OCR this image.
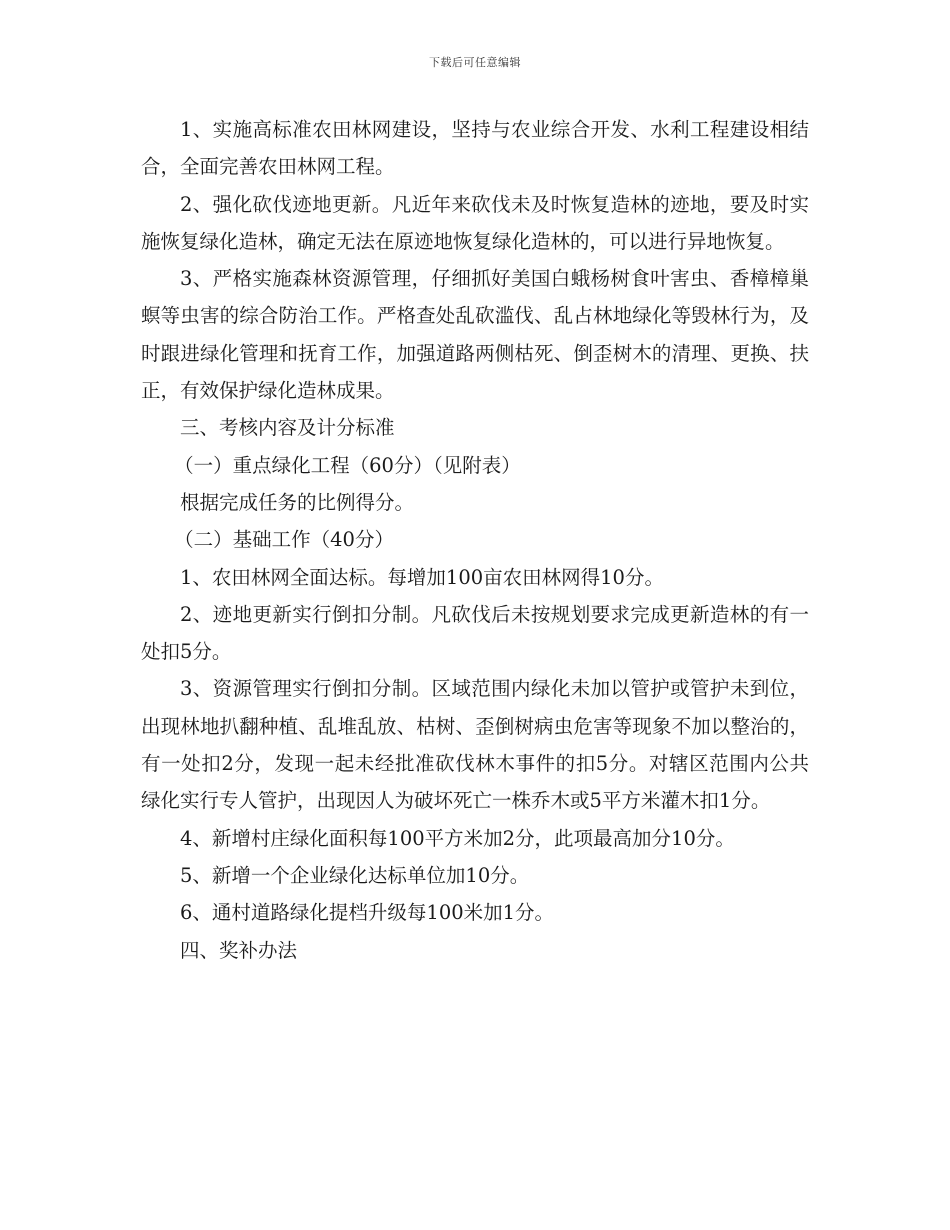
下载后可任意编辑

1、实施高标准农田林网建设，坚持与农业综合开发、水利工程建设相结合，全面完善农田林网工程。

2、强化砍伐迹地更新。凡近年来砍伐未及时恢复造林的迹地，要及时实施恢复绿化造林，确定无法在原迹地恢复绿化造林的，可以进行异地恢复。

3、严格实施森林资源管理，仔细抓好美国白蛾杨树食叶害虫、香樟樟巢螟等虫害的综合防治工作。严格查处乱砍滥伐、乱占林地绿化等毁林行为，及时跟进绿化管理和抚育工作，加强道路两侧枯死、倒歪树木的清理、更换、扶正，有效保护绿化造林成果。

三、考核内容及计分标准

（一）重点绿化工程（60分）（见附表）

根据完成任务的比例得分。

（二）基础工作（40分）

1、农田林网全面达标。每增加100亩农田林网得10分。

2、迹地更新实行倒扣分制。凡砍伐后未按规划要求完成更新造林的有一处扣5分。

3、资源管理实行倒扣分制。区域范围内绿化未加以管护或管护未到位，出现林地扒翻种植、乱堆乱放、枯树、歪倒树病虫危害等现象不加以整治的，有一处扣2分，发现一起未经批准砍伐林木事件的扣5分。对辖区范围内公共绿化实行专人管护，出现因人为破坏死亡一株乔木或5平方米灌木扣1分。

4、新增村庄绿化面积每100平方米加2分，此项最高加分10分。

5、新增一个企业绿化达标单位加10分。

6、通村道路绿化提档升级每100米加1分。

四、奖补办法
